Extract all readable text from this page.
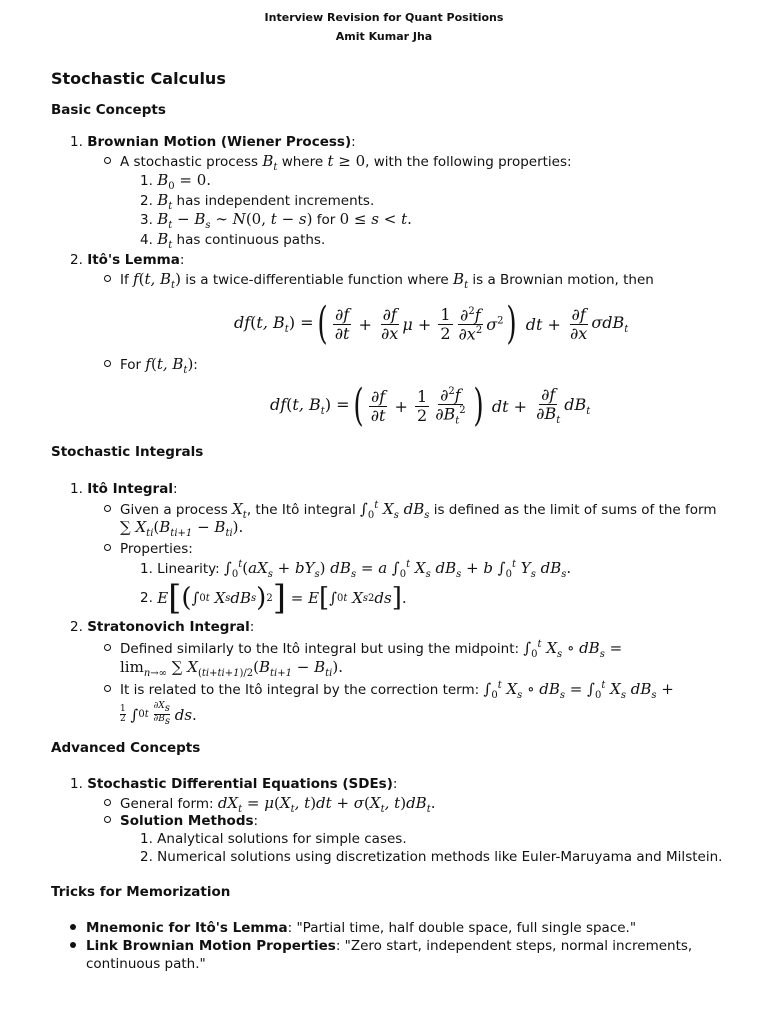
Interview Revision for Quant Positions
Amit Kumar Jha
Stochastic Calculus
Basic Concepts
1. Brownian Motion (Wiener Process):
A stochastic process $B_t$ where t ≥ 0, with the following properties:
1. $B_0 = 0$.
2. $B_t$ has independent increments.
3. $B_t - B_s$ ∼ N(0, t − s) for 0 ≤ s < t.
4. $B_t$ has continuous paths.
2. Itô's Lemma:
If f(t, $B_t$) is a twice-differentiable function where $B_t$ is a Brownian motion, then
df(t, $B_t$) = ( $\frac{\partial f}{\partial t} + \frac{\partial f}{\partial x}$ $\mu + \frac{1}{2} \frac{\partial^2f}{\partial x^2} \sigma^2$ ) dt + $\frac{\partial f}{\partial x} \sigma dB_t$
For f(t, $B_t$):
df(t, $B_t$) = ( $\frac{\partial f}{\partial t} + \frac{1}{2} \frac{\partial^2f}{\partial B_t^2}$ ) dt + $\frac{\partial f}{\partial B_t} dB_t$
Stochastic Integrals
1. Itô Integral:
Given a process $X_t$, the Itô integral $\int_0^t$ $X_s$ $dB_s$ is defined as the limit of sums of the form
∑ $X_{ti}(B_{ti+1} - B_{ti})$.
Properties:
1. Linearity: $\int_0^t(aX_s + bY_s) dB_s = a$ $\int_0^t$ $X_s$ $dB_s + b$ $\int_0^t$ $Y_s$ $dB_s$.
2.
E [ ( ∫ 0 t X s dB s ) 2 ]
= E [ ∫ 0 t X s 2 ds ] .
2. Stratonovich Integral:
Defined similarly to the Itô integral but using the midpoint: $\int_0^t$ $X_s$ ∘ $dB_s$ =
$\lim_{n\to\infty}$ ∑ $X_{(ti+ti+1)/2}(B_{ti+1} - B_{ti})$.
It is related to the Itô integral by the correction term: $\int_0^t$ $X_s$ ∘ $dB_s = \int_0^t$ $X_s$ $dB_s$ +
1
2
∫ 0 t

$\partial X_s$
$\partial B_s$ ds .
Advanced Concepts
1. Stochastic Differential Equations (SDEs):
General form: $dX_t = \mu(X_t$, $t)dt + \sigma(X_t$, $t)dB_t$.
Solution Methods:
1. Analytical solutions for simple cases.
2. Numerical solutions using discretization methods like Euler-Maruyama and Milstein.
Tricks for Memorization
Mnemonic for Itô's Lemma: "Partial time, half double space, full single space."
Link Brownian Motion Properties: "Zero start, independent steps, normal increments,
continuous path."
